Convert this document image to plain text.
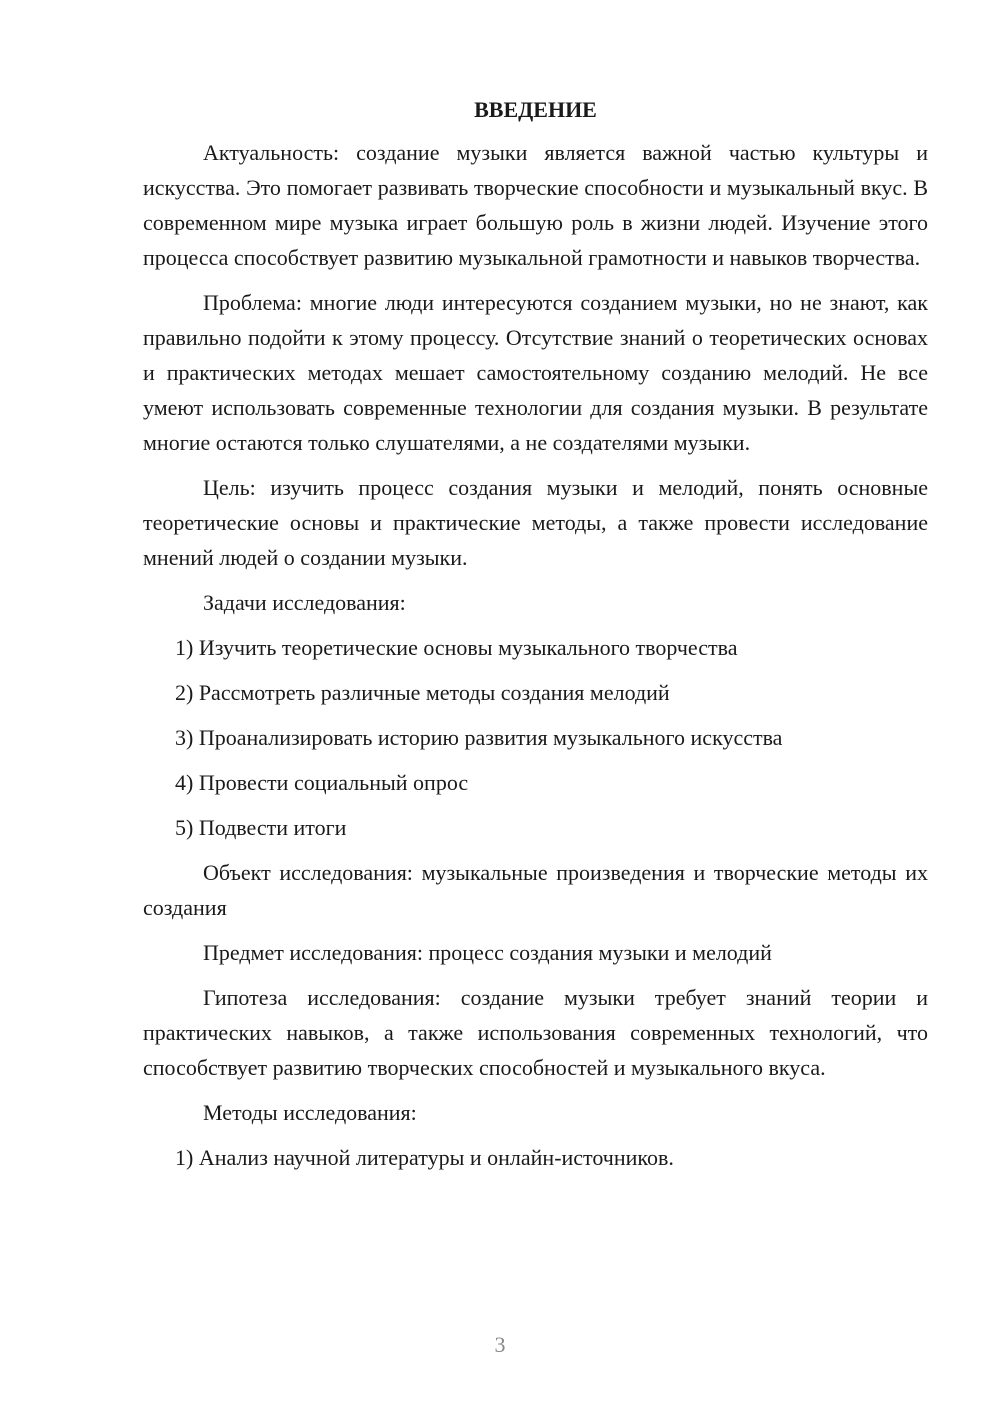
ВВЕДЕНИЕ

Актуальность: создание музыки является важной частью культуры и искусства. Это помогает развивать творческие способности и музыкальный вкус. В современном мире музыка играет большую роль в жизни людей. Изучение этого процесса способствует развитию музыкальной грамотности и навыков творчества.

Проблема: многие люди интересуются созданием музыки, но не знают, как правильно подойти к этому процессу. Отсутствие знаний о теоретических основах и практических методах мешает самостоятельному созданию мелодий. Не все умеют использовать современные технологии для создания музыки. В результате многие остаются только слушателями, а не создателями музыки.

Цель: изучить процесс создания музыки и мелодий, понять основные теоретические основы и практические методы, а также провести исследование мнений людей о создании музыки.

Задачи исследования:

1) Изучить теоретические основы музыкального творчества
2) Рассмотреть различные методы создания мелодий
3) Проанализировать историю развития музыкального искусства
4) Провести социальный опрос
5) Подвести итоги

Объект исследования: музыкальные произведения и творческие методы их создания

Предмет исследования: процесс создания музыки и мелодий

Гипотеза исследования: создание музыки требует знаний теории и практических навыков, а также использования современных технологий, что способствует развитию творческих способностей и музыкального вкуса.

Методы исследования:

1) Анализ научной литературы и онлайн-источников.
3
